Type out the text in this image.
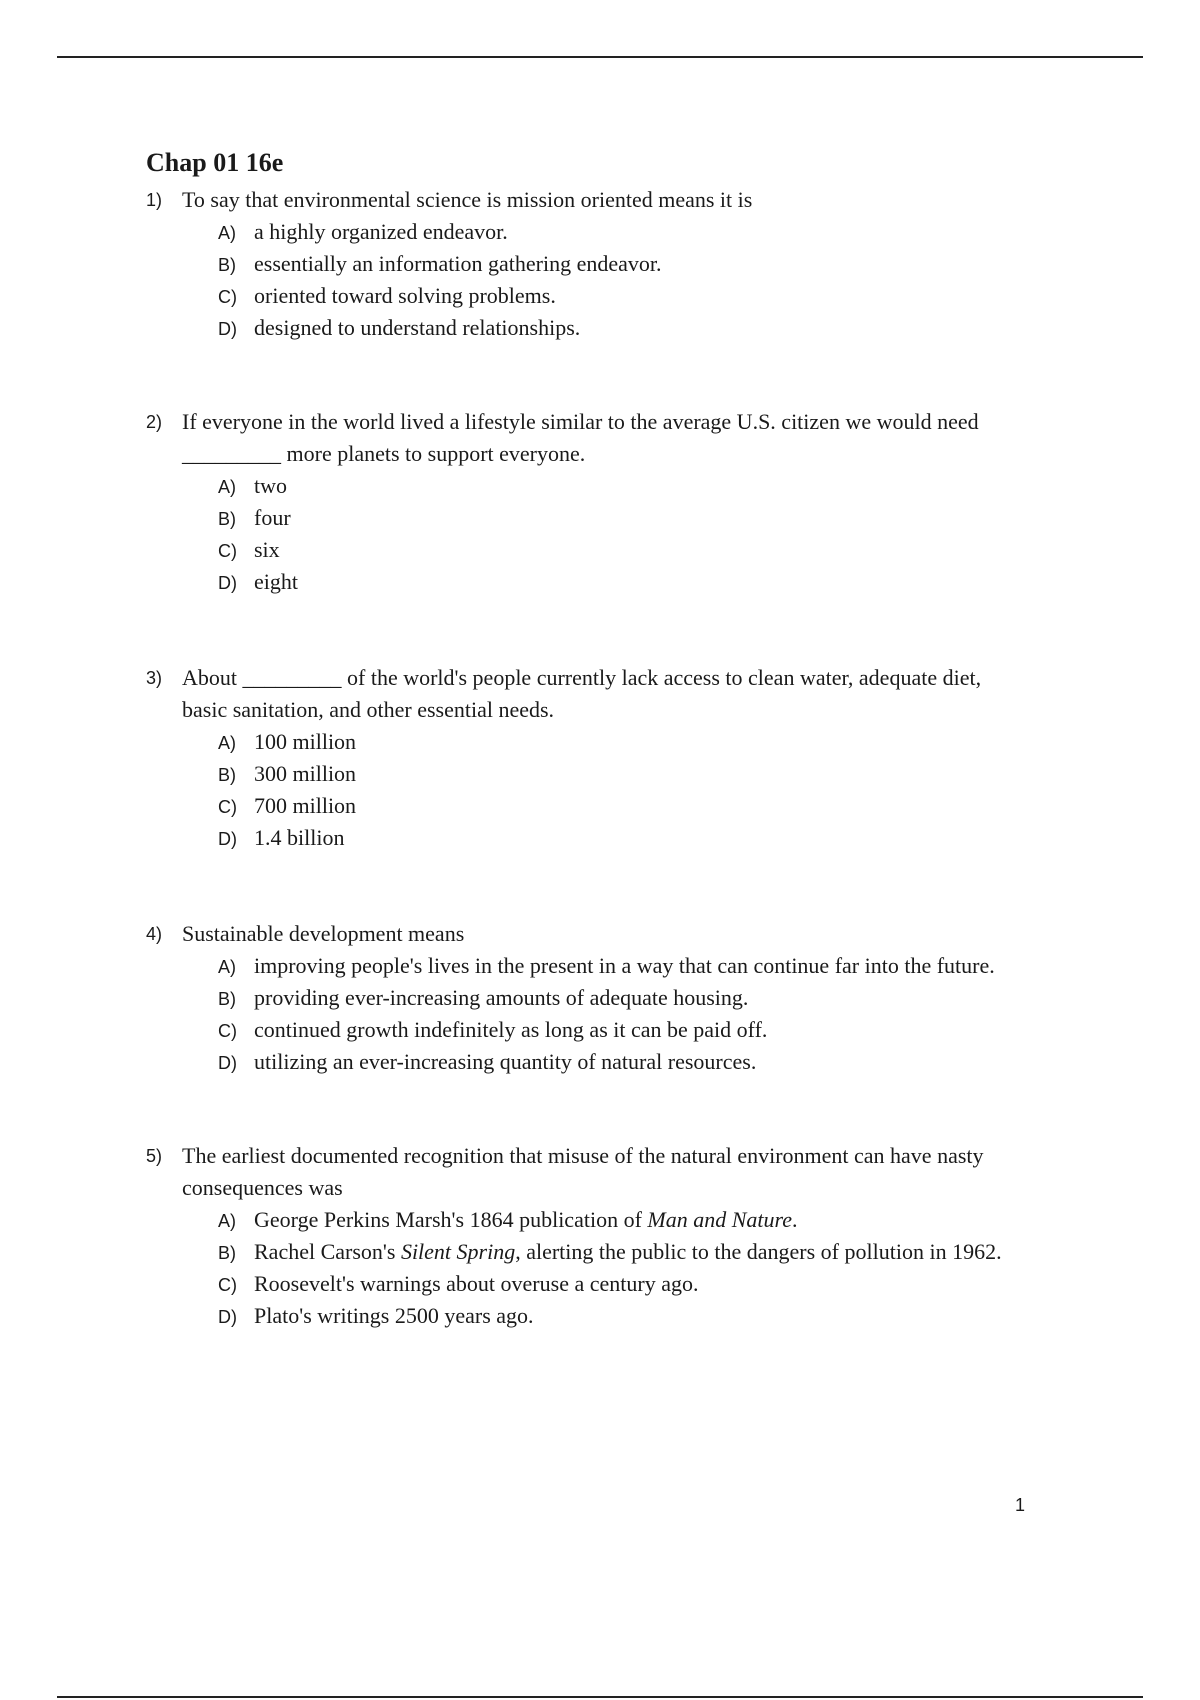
Chap 01 16e
1) To say that environmental science is mission oriented means it is
A) a highly organized endeavor.
B) essentially an information gathering endeavor.
C) oriented toward solving problems.
D) designed to understand relationships.
2) If everyone in the world lived a lifestyle similar to the average U.S. citizen we would need
_________ more planets to support everyone.
A) two
B) four
C) six
D) eight
3) About _________ of the world's people currently lack access to clean water, adequate diet,
basic sanitation, and other essential needs.
A) 100 million
B) 300 million
C) 700 million
D) 1.4 billion
4) Sustainable development means
A) improving people's lives in the present in a way that can continue far into the future.
B) providing ever-increasing amounts of adequate housing.
C) continued growth indefinitely as long as it can be paid off.
D) utilizing an ever-increasing quantity of natural resources.
5) The earliest documented recognition that misuse of the natural environment can have nasty
consequences was
A) George Perkins Marsh's 1864 publication of Man and Nature.
B) Rachel Carson's Silent Spring, alerting the public to the dangers of pollution in 1962.
C) Roosevelt's warnings about overuse a century ago.
D) Plato's writings 2500 years ago.
1
